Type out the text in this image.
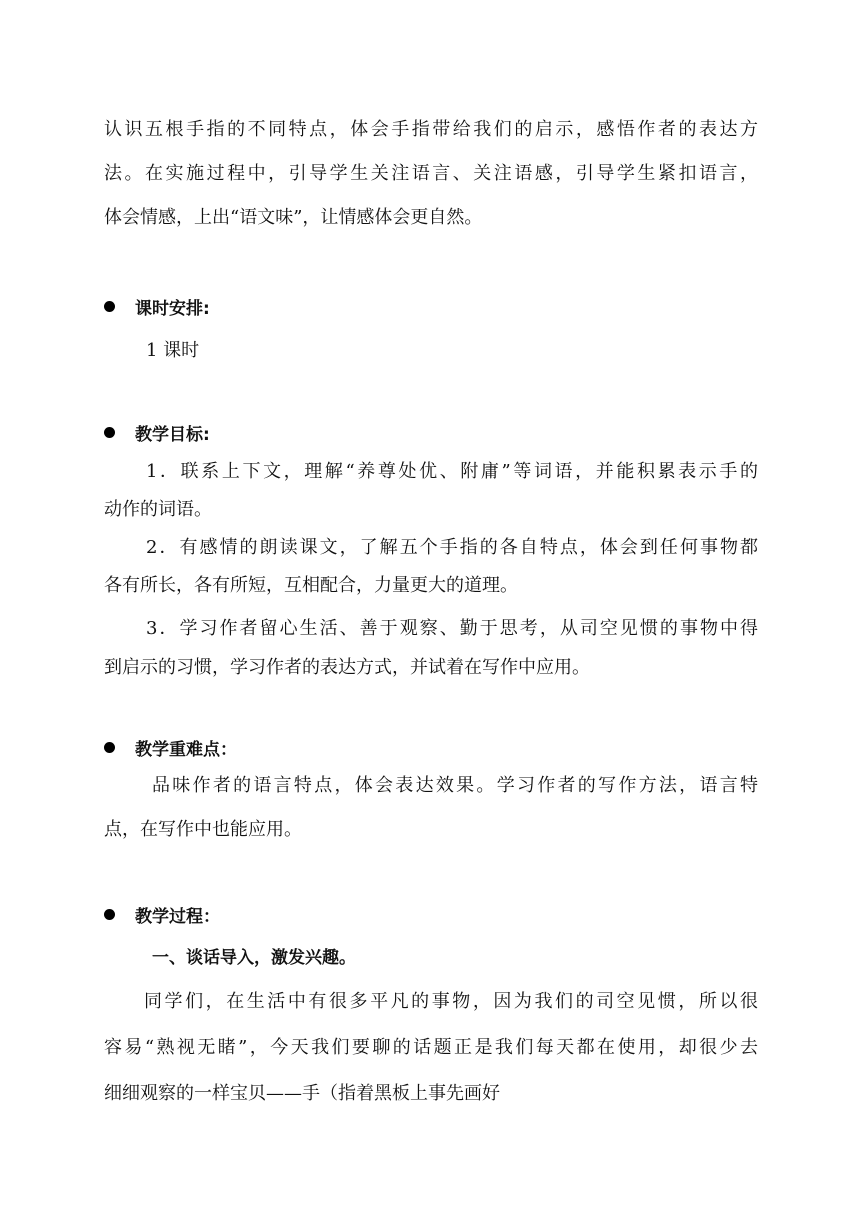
认识五根手指的不同特点，体会手指带给我们的启示，感悟作者的表达方

法。在实施过程中，引导学生关注语言、关注语感，引导学生紧扣语言，

体会情感，上出“语文味”，让情感体会更自然。

课时安排:

1 课时

教学目标:

1．联系上下文，理解“养尊处优、附庸”等词语，并能积累表示手的

动作的词语。

2．有感情的朗读课文，了解五个手指的各自特点，体会到任何事物都

各有所长，各有所短，互相配合，力量更大的道理。

3．学习作者留心生活、善于观察、勤于思考，从司空见惯的事物中得

到启示的习惯，学习作者的表达方式，并试着在写作中应用。

教学重难点：

品味作者的语言特点，体会表达效果。学习作者的写作方法，语言特

点，在写作中也能应用。

教学过程：

一、谈话导入，激发兴趣。

同学们，在生活中有很多平凡的事物，因为我们的司空见惯，所以很

容易“熟视无睹”，今天我们要聊的话题正是我们每天都在使用，却很少去

细细观察的一样宝贝——手（指着黑板上事先画好
